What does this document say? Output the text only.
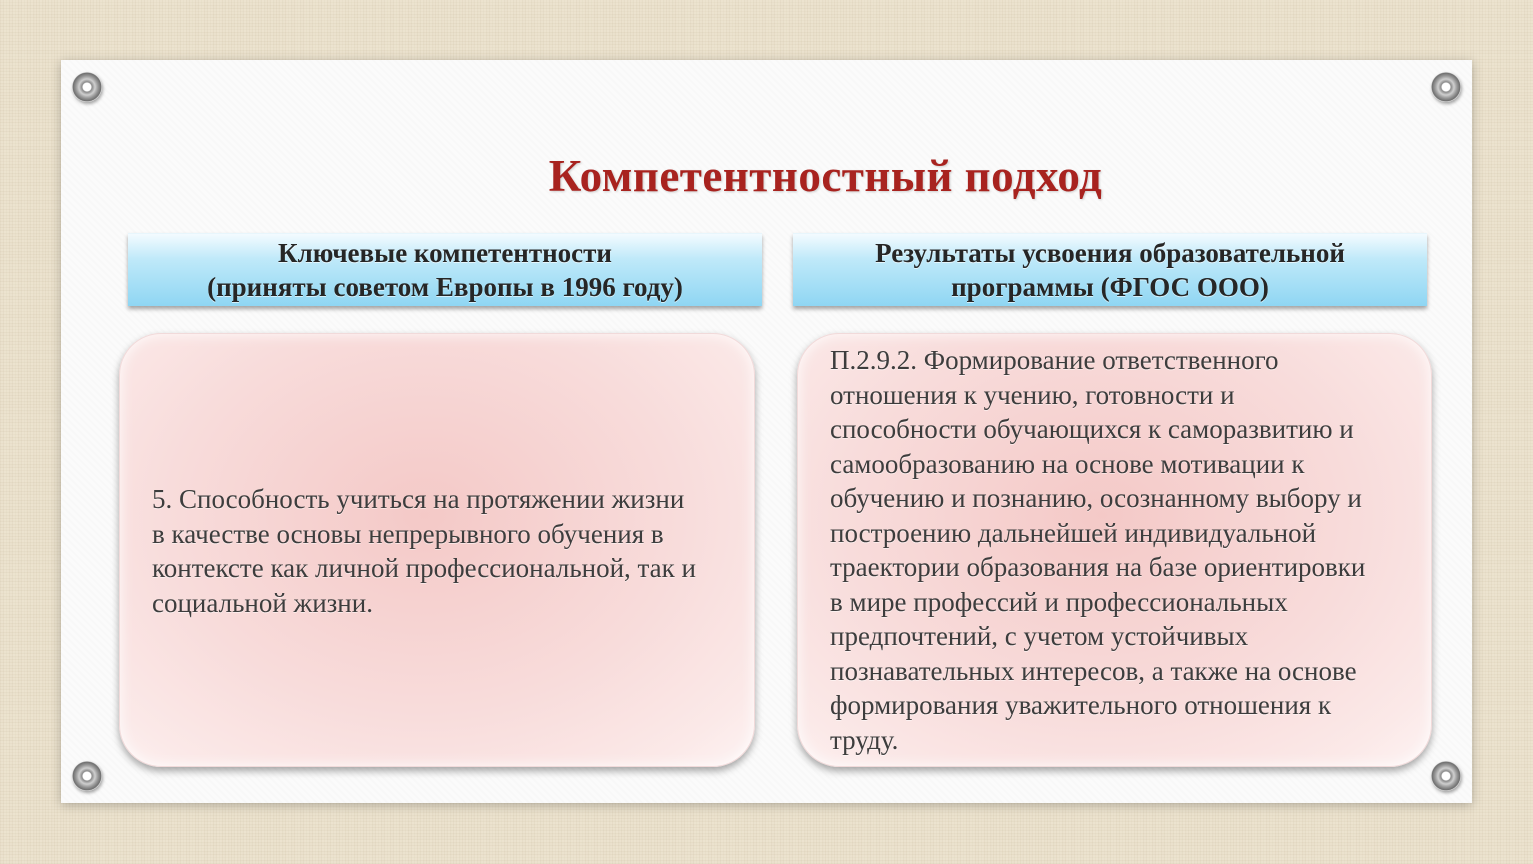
Компетентностный подход
Ключевые компетентности
(приняты советом Европы в 1996 году)
Результаты усвоения образовательной
программы (ФГОС ООО)
5. Способность учиться на протяжении жизни
в качестве основы непрерывного обучения в
контексте как личной профессиональной, так и
социальной жизни.
П.2.9.2. Формирование ответственного
отношения к учению, готовности и
способности обучающихся к саморазвитию и
самообразованию на основе мотивации к
обучению и познанию, осознанному выбору и
построению дальнейшей индивидуальной
траектории образования на базе ориентировки
в мире профессий и профессиональных
предпочтений, с учетом устойчивых
познавательных интересов, а также на основе
формирования уважительного отношения к
труду.
